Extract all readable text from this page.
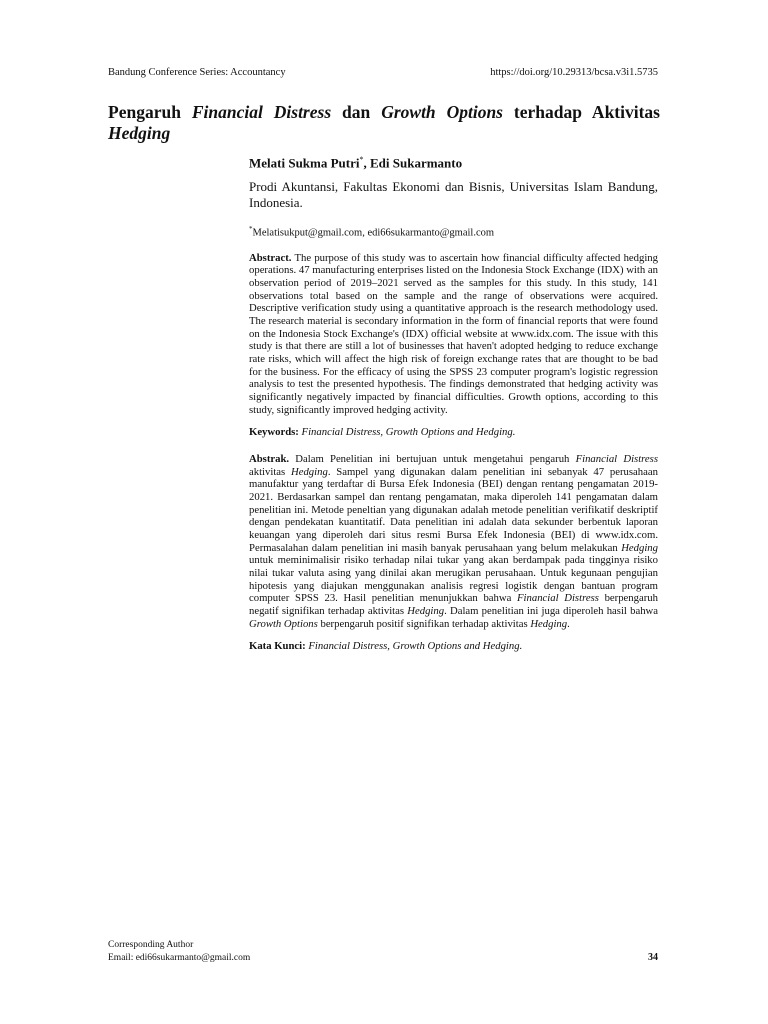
Bandung Conference Series: Accountancy	https://doi.org/10.29313/bcsa.v3i1.5735
Pengaruh Financial Distress dan Growth Options terhadap Aktivitas Hedging

Melati Sukma Putri*, Edi Sukarmanto

Prodi Akuntansi, Fakultas Ekonomi dan Bisnis, Universitas Islam Bandung, Indonesia.

*Melatisukput@gmail.com, edi66sukarmanto@gmail.com

Abstract. The purpose of this study was to ascertain how financial difficulty affected hedging operations. 47 manufacturing enterprises listed on the Indonesia Stock Exchange (IDX) with an observation period of 2019–2021 served as the samples for this study. In this study, 141 observations total based on the sample and the range of observations were acquired. Descriptive verification study using a quantitative approach is the research methodology used. The research material is secondary information in the form of financial reports that were found on the Indonesia Stock Exchange's (IDX) official website at www.idx.com. The issue with this study is that there are still a lot of businesses that haven't adopted hedging to reduce exchange rate risks, which will affect the high risk of foreign exchange rates that are thought to be bad for the business. For the efficacy of using the SPSS 23 computer program's logistic regression analysis to test the presented hypothesis. The findings demonstrated that hedging activity was significantly negatively impacted by financial difficulties. Growth options, according to this study, significantly improved hedging activity.

Keywords: Financial Distress, Growth Options and Hedging.

Abstrak. Dalam Penelitian ini bertujuan untuk mengetahui pengaruh Financial Distress aktivitas Hedging. Sampel yang digunakan dalam penelitian ini sebanyak 47 perusahaan manufaktur yang terdaftar di Bursa Efek Indonesia (BEI) dengan rentang pengamatan 2019-2021. Berdasarkan sampel dan rentang pengamatan, maka diperoleh 141 pengamatan dalam penelitian ini. Metode peneltian yang digunakan adalah metode penelitian verifikatif deskriptif dengan pendekatan kuantitatif. Data penelitian ini adalah data sekunder berbentuk laporan keuangan yang diperoleh dari situs resmi Bursa Efek Indonesia (BEI) di www.idx.com. Permasalahan dalam penelitian ini masih banyak perusahaan yang belum melakukan Hedging untuk meminimalisir risiko terhadap nilai tukar yang akan berdampak pada tingginya risiko nilai tukar valuta asing yang dinilai akan merugikan perusahaan. Untuk kegunaan pengujian hipotesis yang diajukan menggunakan analisis regresi logistik dengan bantuan program computer SPSS 23. Hasil penelitian menunjukkan bahwa Financial Distress berpengaruh negatif signifikan terhadap aktivitas Hedging. Dalam penelitian ini juga diperoleh hasil bahwa Growth Options berpengaruh positif signifikan terhadap aktivitas Hedging.

Kata Kunci: Financial Distress, Growth Options and Hedging.

Corresponding Author
Email: edi66sukarmanto@gmail.com	34
